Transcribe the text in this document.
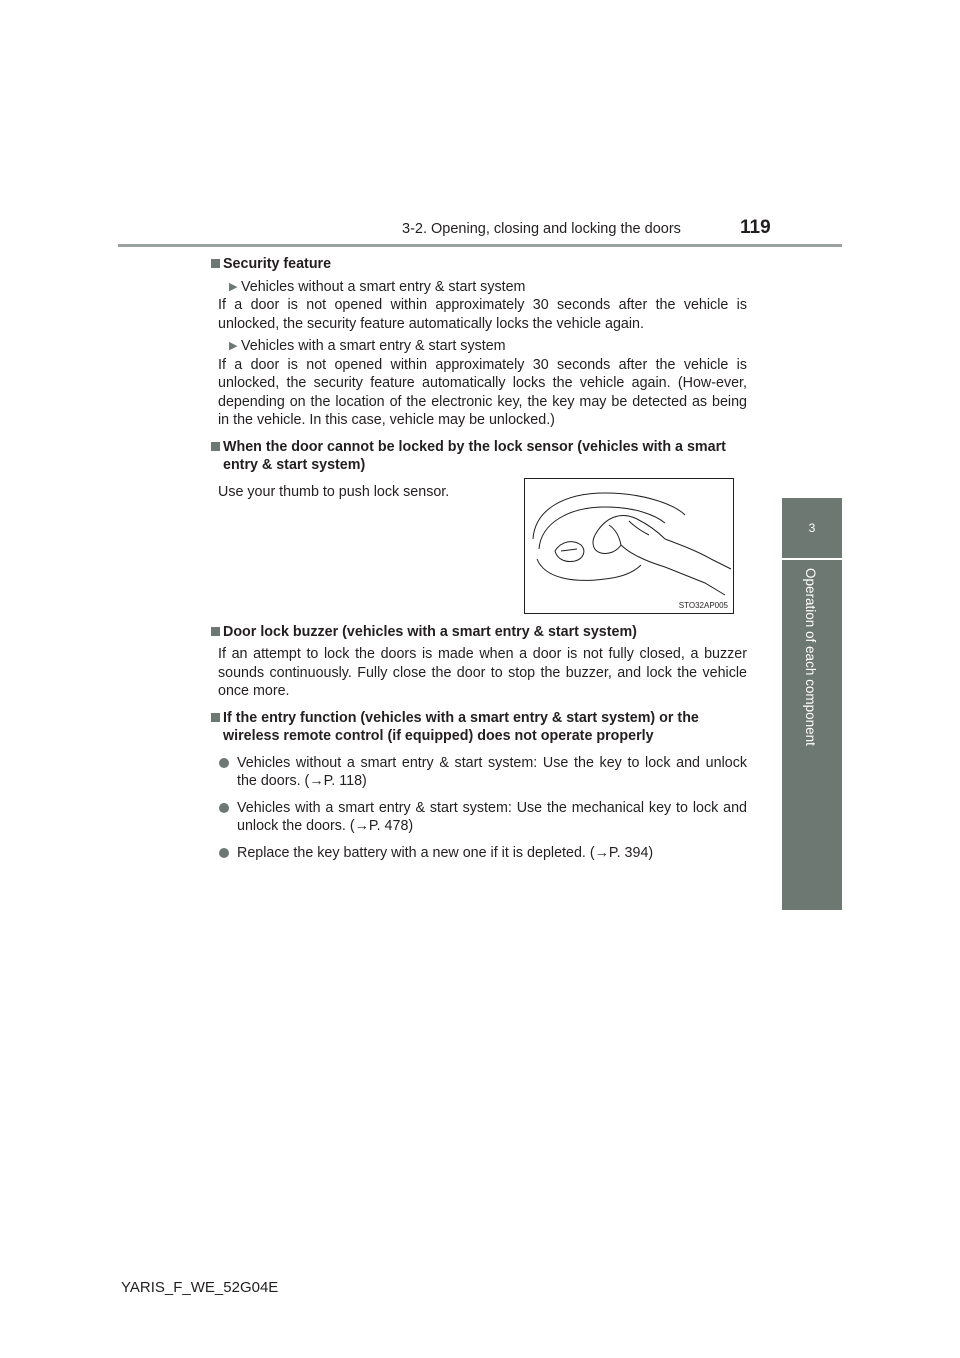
3-2. Opening, closing and locking the doors	119
3
Operation of each component
Security feature
▶ Vehicles without a smart entry & start system
If a door is not opened within approximately 30 seconds after the vehicle is unlocked, the security feature automatically locks the vehicle again.
▶ Vehicles with a smart entry & start system
If a door is not opened within approximately 30 seconds after the vehicle is unlocked, the security feature automatically locks the vehicle again. (How-ever, depending on the location of the electronic key, the key may be detected as being in the vehicle. In this case, vehicle may be unlocked.)
When the door cannot be locked by the lock sensor (vehicles with a smart entry & start system)
Use your thumb to push lock sensor.
Door lock buzzer (vehicles with a smart entry & start system)
If an attempt to lock the doors is made when a door is not fully closed, a buzzer sounds continuously. Fully close the door to stop the buzzer, and lock the vehicle once more.
If the entry function (vehicles with a smart entry & start system) or the wireless remote control (if equipped) does not operate properly
Vehicles without a smart entry & start system: Use the key to lock and unlock the doors. (→P. 118)
Vehicles with a smart entry & start system: Use the mechanical key to lock and unlock the doors. (→P. 478)
Replace the key battery with a new one if it is depleted. (→P. 394)
STO32AP005
YARIS_F_WE_52G04E
